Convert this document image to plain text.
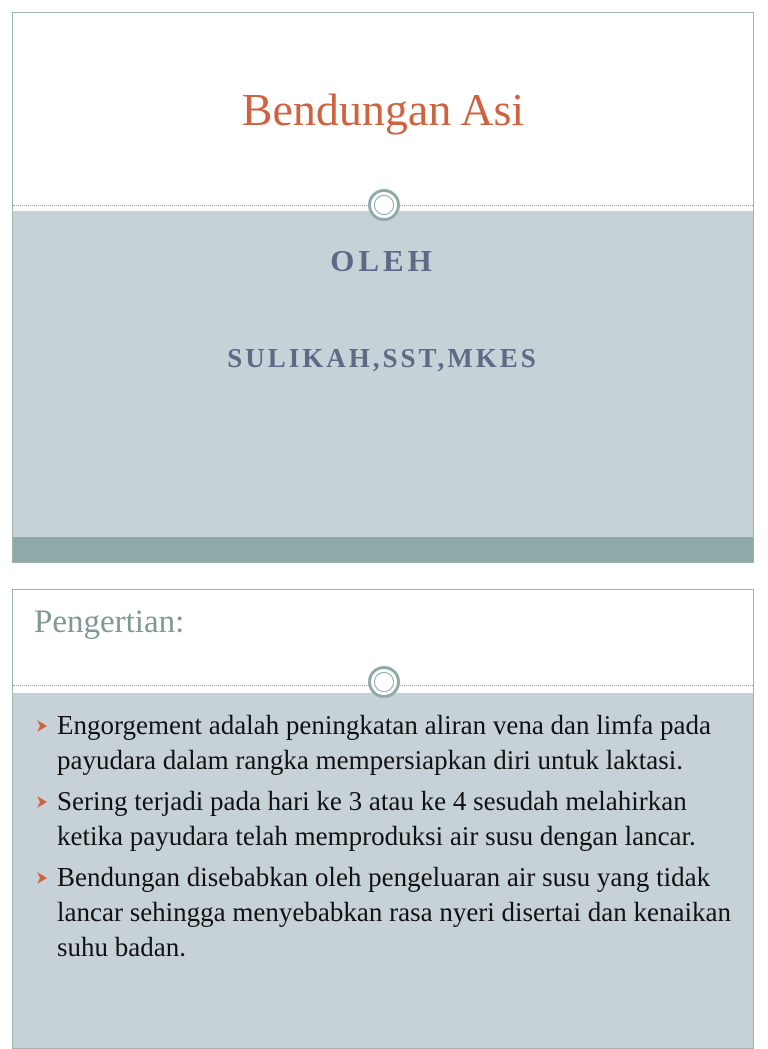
Bendungan Asi
OLEH
SULIKAH,SST,MKES
Pengertian:
Engorgement adalah peningkatan aliran vena dan limfa pada payudara dalam rangka mempersiapkan diri untuk laktasi.
Sering terjadi pada hari ke 3 atau ke 4 sesudah melahirkan ketika payudara telah memproduksi air susu dengan lancar.
Bendungan disebabkan oleh pengeluaran air susu yang tidak lancar sehingga menyebabkan rasa nyeri disertai dan kenaikan suhu badan.
